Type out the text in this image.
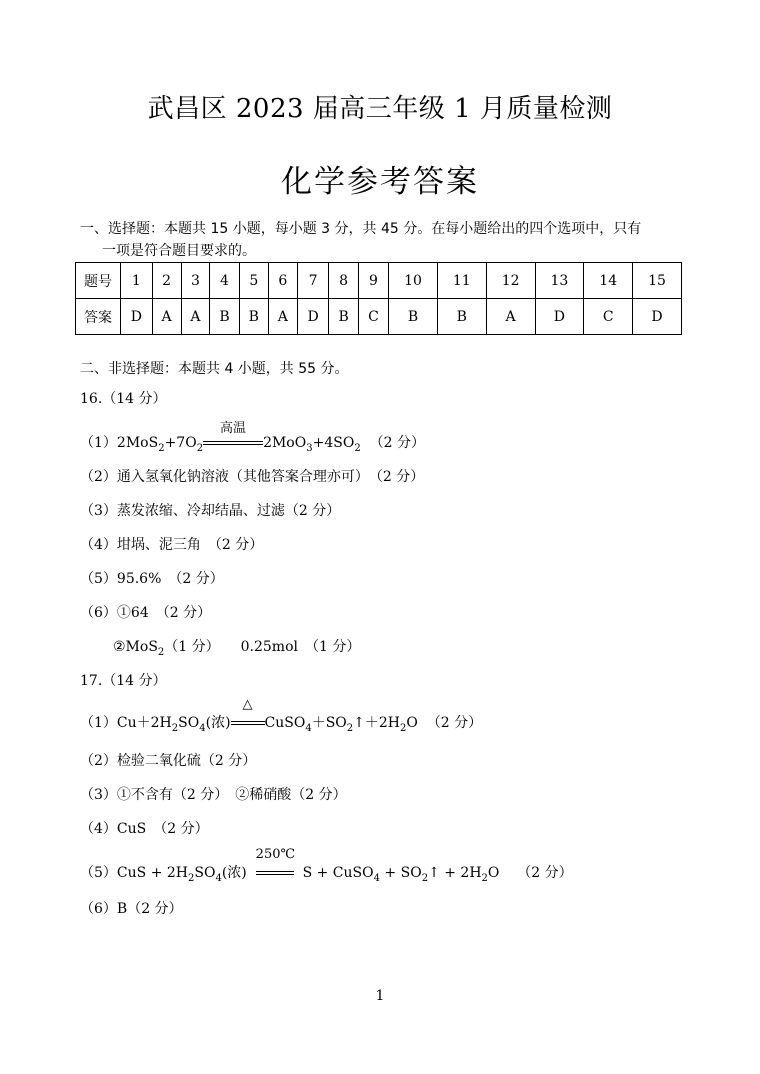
武昌区 2023 届高三年级 1 月质量检测
化学参考答案
一、选择题：本题共 15 小题，每小题 3 分，共 45 分。在每小题给出的四个选项中，只有
一项是符合题目要求的。
题号	1	2	3	4	5	6	7	8	9	10	11	12	13	14	15
答案	D	A	A	B	B	A	D	B	C	B	B	A	D	C	D
二、非选择题：本题共 4 小题，共 55 分。
16.（14 分）
$(1)2MoS_2+7O_2$
高温
$2MoO_3+4SO_2$ （2 分）
（2）通入氢氧化钠溶液（其他答案合理亦可）　（2 分）
（3）蒸发浓缩、冷却结晶、过滤（2 分）
（4）坩埚、泥三角　（2 分）
（5）95.6%　（2 分）
（6）①64　（2 分）
②MoS$_2$（1 分）　　0.25mol　（1 分）
17.（14 分）
$(1)Cu+2H_2SO_4$(浓)
△
$CuSO_4+SO_2↑+2H_2O$ （2 分）
（2）检验二氧化硫（2 分）
（3）①不含有（2 分）　②稀硝酸（2 分）
（4）CuS　（2 分）
$(5)CuS + 2H_2SO_4$(浓)
250℃
S + CuSO$_4$ + $SO_2↑ + 2H_2O$ （2 分）
（6）B（2 分）
1
